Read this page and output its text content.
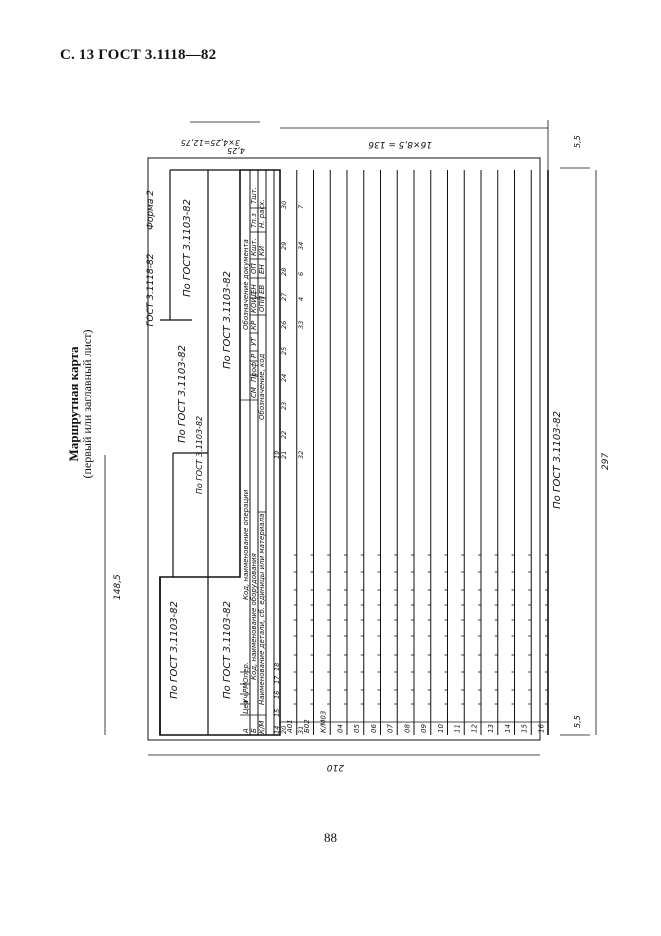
С. 13 ГОСТ 3.1118—82
88
Маршрутная карта (первый или заглавный лист)
По ГОСТ 3.1103-82
По ГОСТ 3.1103-82
По ГОСТ 3.1103-82
По ГОСТ 3.1103-82
По ГОСТ 3.1103-82
По ГОСТ 3.1103-82
По ГОСТ 3.1103-82
ГОСТ 3.1118-82
Форма 2
А
Цех
Уч.
РМ
Опер.
Код, наименование операции
Обозначение документа
Б
Код, наименование оборудования
СМ
Проф.
Р
УТ
КР
КОИД
ЕН
ОП
Кшт.
Тп.з
Тшт.
К/М
Наименование детали, сб. единицы или материала
Обозначение, код
ОПП
ЕВ
ЕН
КИ
Н. расх.
А01 Б02 К/М03 04 05 06 07 08 09 10 11 12 13 14 15 16
14
15
16
17
18
19
20
21
22
23
24
25
26
27
28
29
30
31
32
33
4
6
34
7
210
297
148,5
16×8,5 = 136
3×4,25=12,75
4,25
5,5
5,5
